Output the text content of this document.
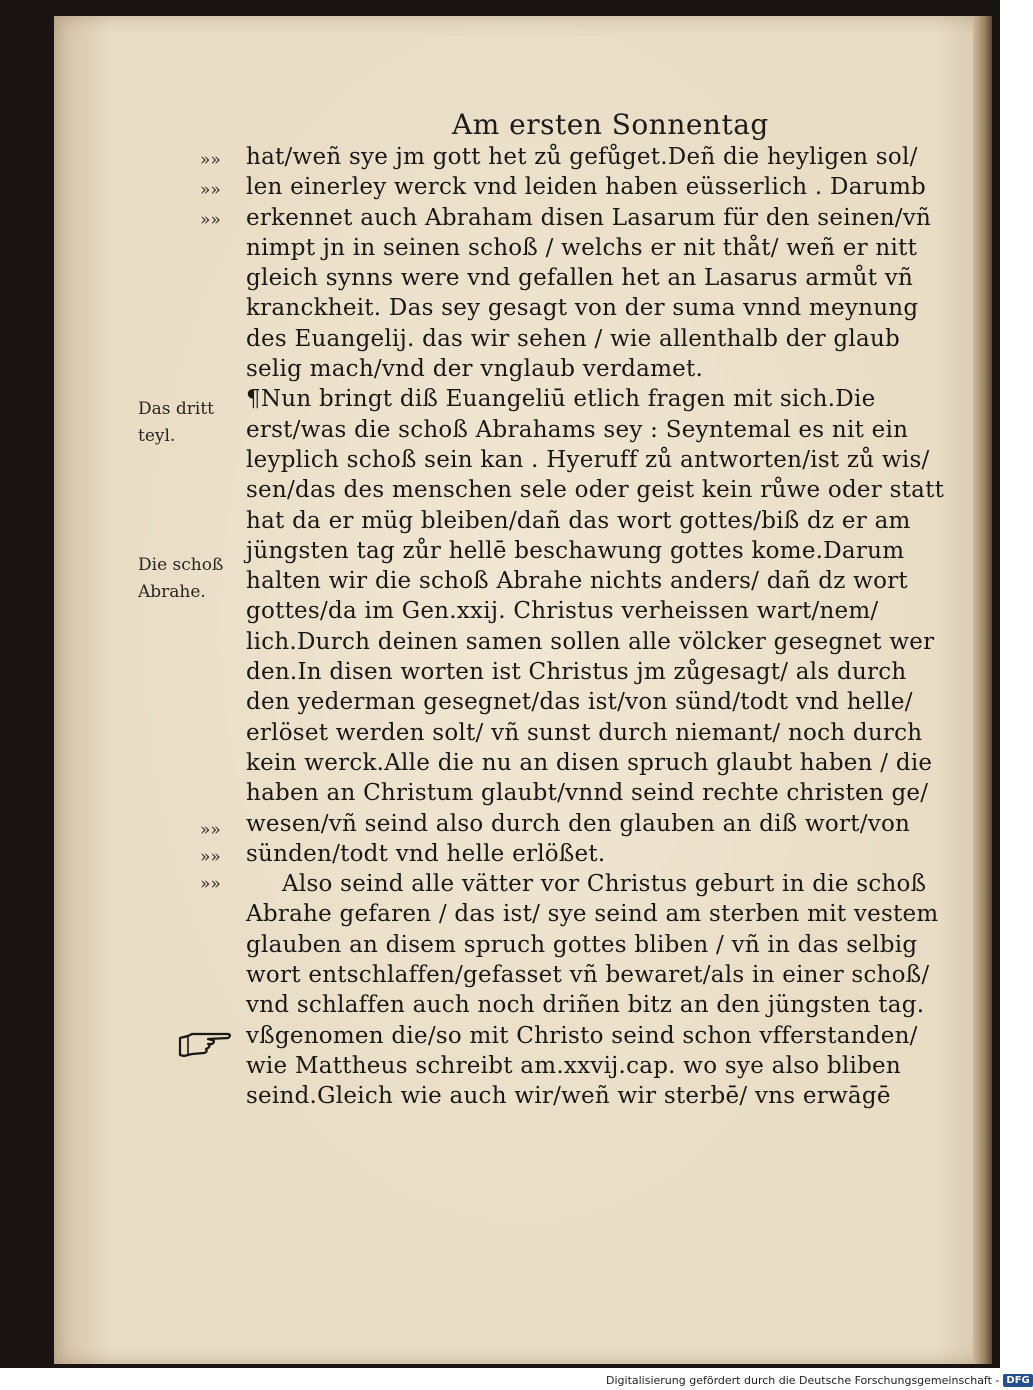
Am ersten Sonnentag
»»
»»
»»
»»
»»
»»
Das dritt
teyl.
Die schoß
Abrahe.
hat/weñ sye jm gott het zů gefůget.Deñ die heyligen sol/
len einerley werck vnd leiden haben eüsserlich . Darumb
erkennet auch Abraham disen Lasarum für den seinen/vñ
nimpt jn in seinen schoß / welchs er nit thåt/ weñ er nitt
gleich synns were vnd gefallen het an Lasarus armůt vñ
kranckheit. Das sey gesagt von der suma vnnd meynung
des Euangelij. das wir sehen / wie allenthalb der glaub
selig mach/vnd der vnglaub verdamet.
¶Nun bringt diß Euangeliū etlich fragen mit sich.Die
erst/was die schoß Abrahams sey : Seyntemal es nit ein
leyplich schoß sein kan . Hyeruff zů antworten/ist zů wis/
sen/das des menschen sele oder geist kein růwe oder statt
hat da er müg bleiben/dañ das wort gottes/biß dz er am
jüngsten tag zůr hellē beschawung gottes kome.Darum
halten wir die schoß Abrahe nichts anders/ dañ dz wort
gottes/da im Gen.xxij. Christus verheissen wart/nem/
lich.Durch deinen samen sollen alle völcker gesegnet wer
den.In disen worten ist Christus jm zůgesagt/ als durch
den yederman gesegnet/das ist/von sünd/todt vnd helle/
erlöset werden solt/ vñ sunst durch niemant/ noch durch
kein werck.Alle die nu an disen spruch glaubt haben / die
haben an Christum glaubt/vnnd seind rechte christen ge/
wesen/vñ seind also durch den glauben an diß wort/von
sünden/todt vnd helle erlößet.
Also seind alle vätter vor Christus geburt in die schoß
Abrahe gefaren / das ist/ sye seind am sterben mit vestem
glauben an disem spruch gottes bliben / vñ in das selbig
wort entschlaffen/gefasset vñ bewaret/als in einer schoß/
vnd schlaffen auch noch driñen bitz an den jüngsten tag.
vßgenomen die/so mit Christo seind schon vfferstanden/
wie Mattheus schreibt am.xxvij.cap. wo sye also bliben
seind.Gleich wie auch wir/weñ wir sterbē/ vns erwāgē
Digitalisierung gefördert durch die Deutsche Forschungsgemeinschaft - DFG
